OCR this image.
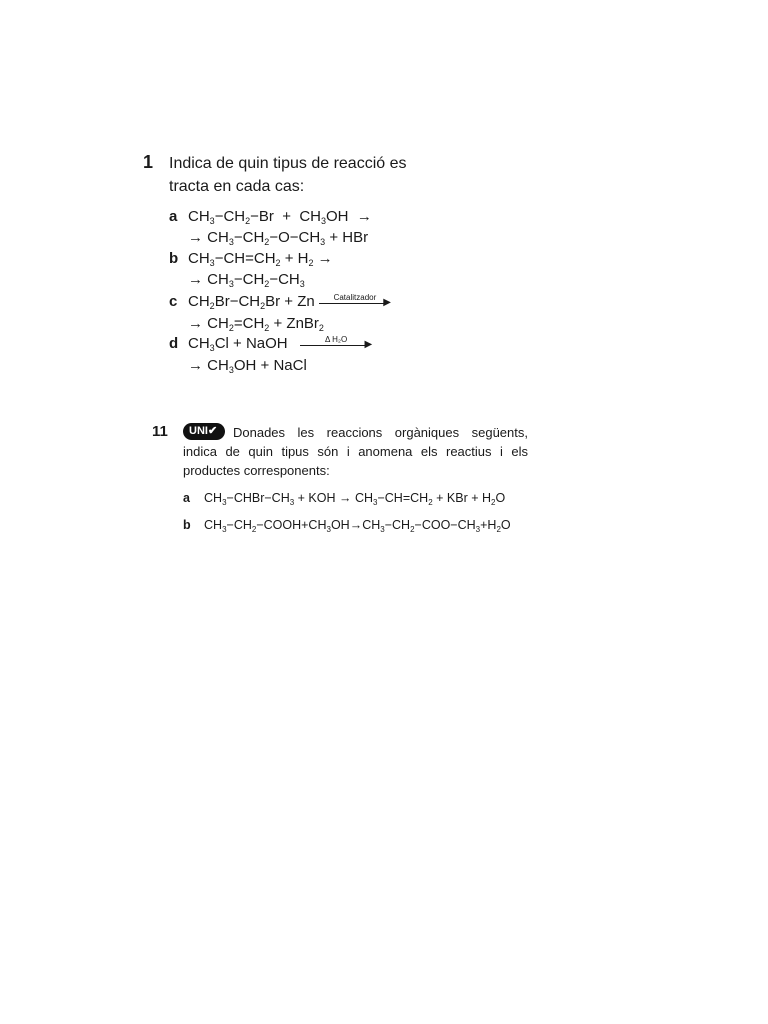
1 Indica de quin tipus de reacció es tracta en cada cas:
a $CH_3-CH_2-Br + CH_3OH$  →
→ $CH_3-CH_2-O-CH_3$ + HBr
b $CH_3-CH=CH_2 + H_2$ →
→ $CH_3-CH_2-CH_3$
c $CH_2Br-CH_2Br + Zn$	Catalitzador ▶
→ $CH_2=CH_2$ + ZnBr$_2$
d $CH_3Cl$ + NaOH	Δ H₂O	▶
→ $CH_3OH$ + NaCl
11	Donades les reaccions orgàniques següents, indica de quin tipus són i anomena els reactius i els productes corresponents:
UNI✔
a $CH_3-CHBr-CH_3$ + KOH → $CH_3-CH=CH_2$ + KBr + $H_2O$
b $CH_3-CH_2-COOH+CH_3OH\to CH_3-CH_2-COO-CH_3+H_2O$
